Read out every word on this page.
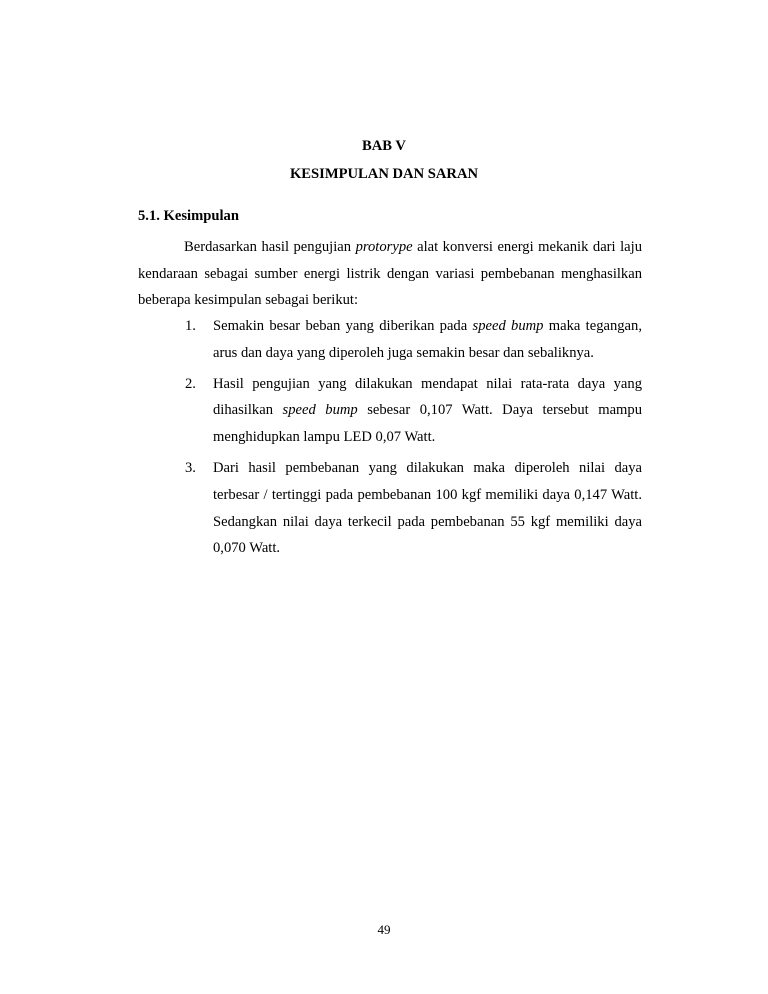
BAB V
KESIMPULAN DAN SARAN
5.1. Kesimpulan

Berdasarkan hasil pengujian protorype alat konversi energi mekanik dari laju kendaraan sebagai sumber energi listrik dengan variasi pembebanan menghasilkan beberapa kesimpulan sebagai berikut:

1. Semakin besar beban yang diberikan pada speed bump maka tegangan, arus dan daya yang diperoleh juga semakin besar dan sebaliknya.
2. Hasil pengujian yang dilakukan mendapat nilai rata-rata daya yang dihasilkan speed bump sebesar 0,107 Watt. Daya tersebut mampu menghidupkan lampu LED 0,07 Watt.
3. Dari hasil pembebanan yang dilakukan maka diperoleh nilai daya terbesar / tertinggi pada pembebanan 100 kgf memiliki daya 0,147 Watt. Sedangkan nilai daya terkecil pada pembebanan 55 kgf memiliki daya 0,070 Watt.
49
